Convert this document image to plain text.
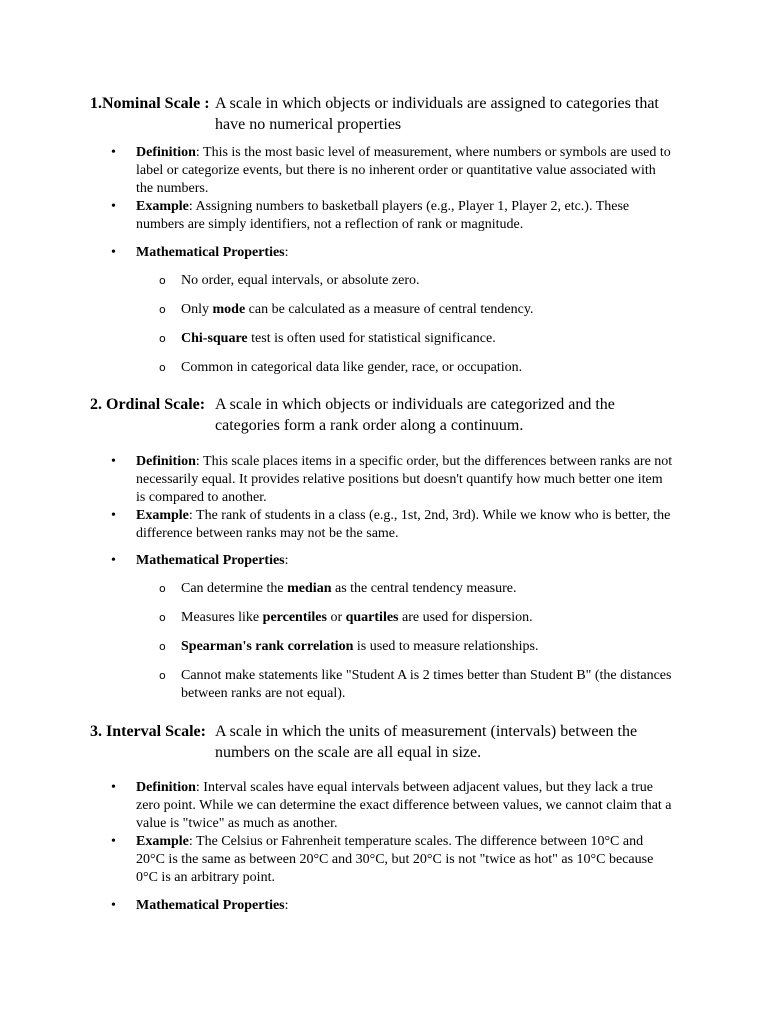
1.Nominal Scale : A scale in which objects or individuals are assigned to categories that have no numerical properties
• Definition: This is the most basic level of measurement, where numbers or symbols are used to label or categorize events, but there is no inherent order or quantitative value associated with the numbers.
• Example: Assigning numbers to basketball players (e.g., Player 1, Player 2, etc.). These numbers are simply identifiers, not a reflection of rank or magnitude.
• Mathematical Properties:
o No order, equal intervals, or absolute zero.
o Only mode can be calculated as a measure of central tendency.
o Chi-square test is often used for statistical significance.
o Common in categorical data like gender, race, or occupation.
2. Ordinal Scale: A scale in which objects or individuals are categorized and the categories form a rank order along a continuum.
• Definition: This scale places items in a specific order, but the differences between ranks are not necessarily equal. It provides relative positions but doesn't quantify how much better one item is compared to another.
• Example: The rank of students in a class (e.g., 1st, 2nd, 3rd). While we know who is better, the difference between ranks may not be the same.
• Mathematical Properties:
o Can determine the median as the central tendency measure.
o Measures like percentiles or quartiles are used for dispersion.
o Spearman's rank correlation is used to measure relationships.
o Cannot make statements like "Student A is 2 times better than Student B" (the distances between ranks are not equal).
3. Interval Scale: A scale in which the units of measurement (intervals) between the numbers on the scale are all equal in size.
• Definition: Interval scales have equal intervals between adjacent values, but they lack a true zero point. While we can determine the exact difference between values, we cannot claim that a value is "twice" as much as another.
• Example: The Celsius or Fahrenheit temperature scales. The difference between 10°C and 20°C is the same as between 20°C and 30°C, but 20°C is not "twice as hot" as 10°C because 0°C is an arbitrary point.
• Mathematical Properties:
